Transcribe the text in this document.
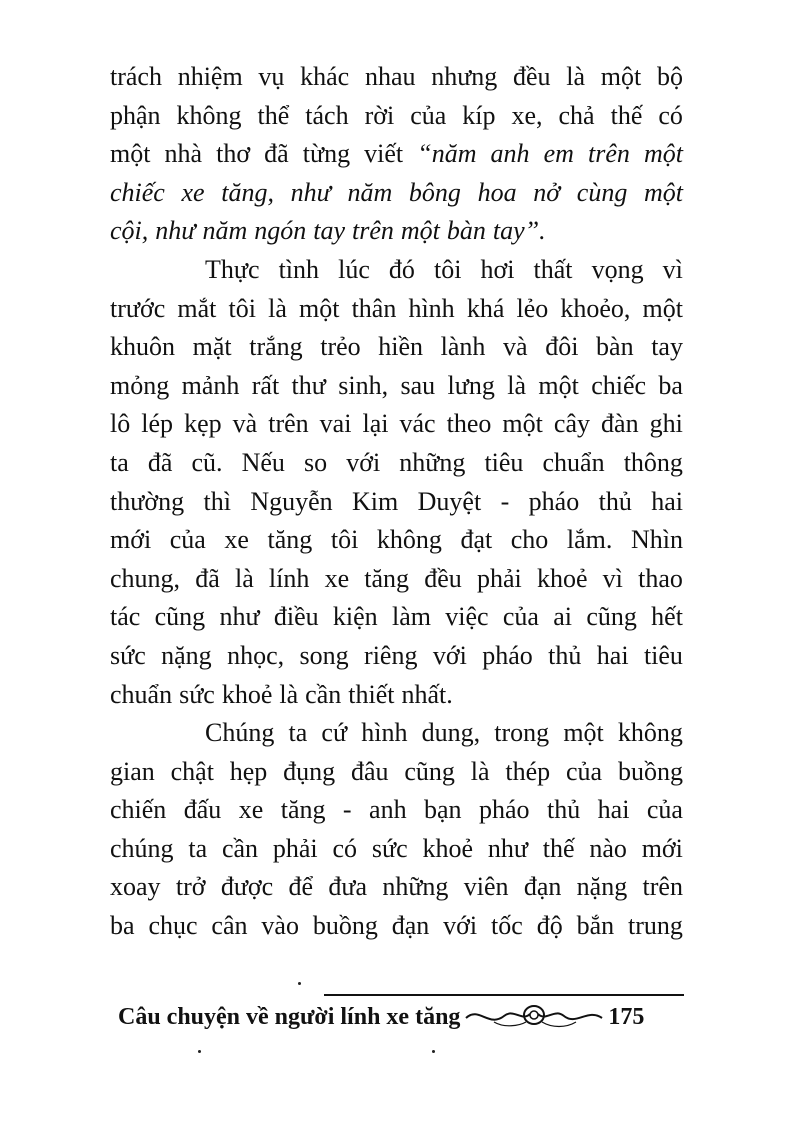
trách nhiệm vụ khác nhau nhưng đều là một bộ
phận không thể tách rời của kíp xe, chả thế có
một nhà thơ đã từng viết “năm anh em trên một
chiếc xe tăng, như năm bông hoa nở cùng một
cội, như năm ngón tay trên một bàn tay”.
Thực tình lúc đó tôi hơi thất vọng vì
trước mắt tôi là một thân hình khá lẻo khoẻo, một
khuôn mặt trắng trẻo hiền lành và đôi bàn tay
mỏng mảnh rất thư sinh, sau lưng là một chiếc ba
lô lép kẹp và trên vai lại vác theo một cây đàn ghi
ta đã cũ. Nếu so với những tiêu chuẩn thông
thường thì Nguyễn Kim Duyệt - pháo thủ hai
mới của xe tăng tôi không đạt cho lắm. Nhìn
chung, đã là lính xe tăng đều phải khoẻ vì thao
tác cũng như điều kiện làm việc của ai cũng hết
sức nặng nhọc, song riêng với pháo thủ hai tiêu
chuẩn sức khoẻ là cần thiết nhất.
Chúng ta cứ hình dung, trong một không
gian chật hẹp đụng đâu cũng là thép của buồng
chiến đấu xe tăng - anh bạn pháo thủ hai của
chúng ta cần phải có sức khoẻ như thế nào mới
xoay trở được để đưa những viên đạn nặng trên
ba chục cân vào buồng đạn với tốc độ bắn trung
Câu chuyện về người lính xe tăng	175
